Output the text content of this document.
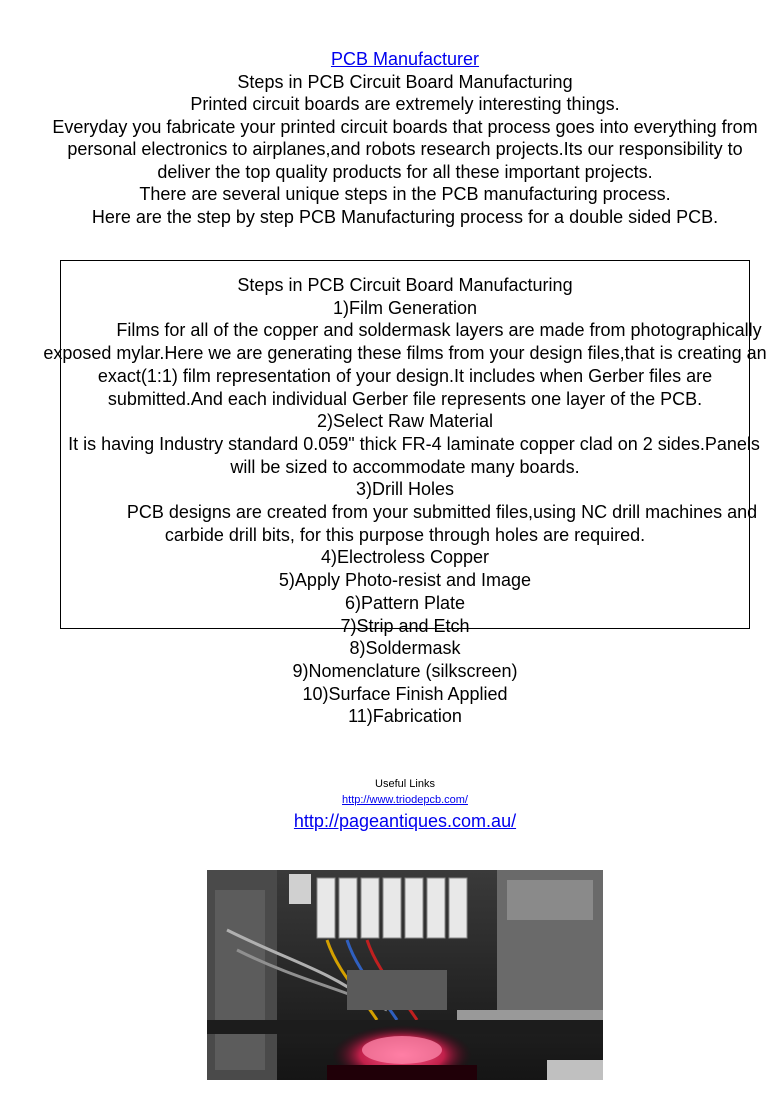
PCB Manufacturer
Steps in PCB Circuit Board Manufacturing
Printed circuit boards are extremely interesting things.
Everyday you fabricate your printed circuit boards that process goes into everything from personal electronics to airplanes,and robots research projects.Its our responsibility to deliver the top quality products for all these important projects.
There are several unique steps in the PCB manufacturing process.
Here are the step by step PCB Manufacturing process for a double sided PCB.

Steps in PCB Circuit Board Manufacturing

1)Film Generation

Films for all of the copper and soldermask layers are made from photographically exposed mylar.Here we are generating these films from your design files,that is creating an exact(1:1) film representation of your design.It includes when Gerber files are submitted.And each individual Gerber file represents one layer of the PCB.

2)Select Raw Material

It is having Industry standard 0.059" thick FR-4 laminate copper clad on 2 sides.Panels will be sized to accommodate many boards.

3)Drill Holes

PCB designs are created from your submitted files,using NC drill machines and carbide drill bits, for this purpose through holes are required.

4)Electroless Copper

5)Apply Photo-resist and Image

6)Pattern Plate

7)Strip and Etch

8)Soldermask

9)Nomenclature (silkscreen)

10)Surface Finish Applied

11)Fabrication

Useful Links
http://www.triodepcb.com/
http://pageantiques.com.au/
